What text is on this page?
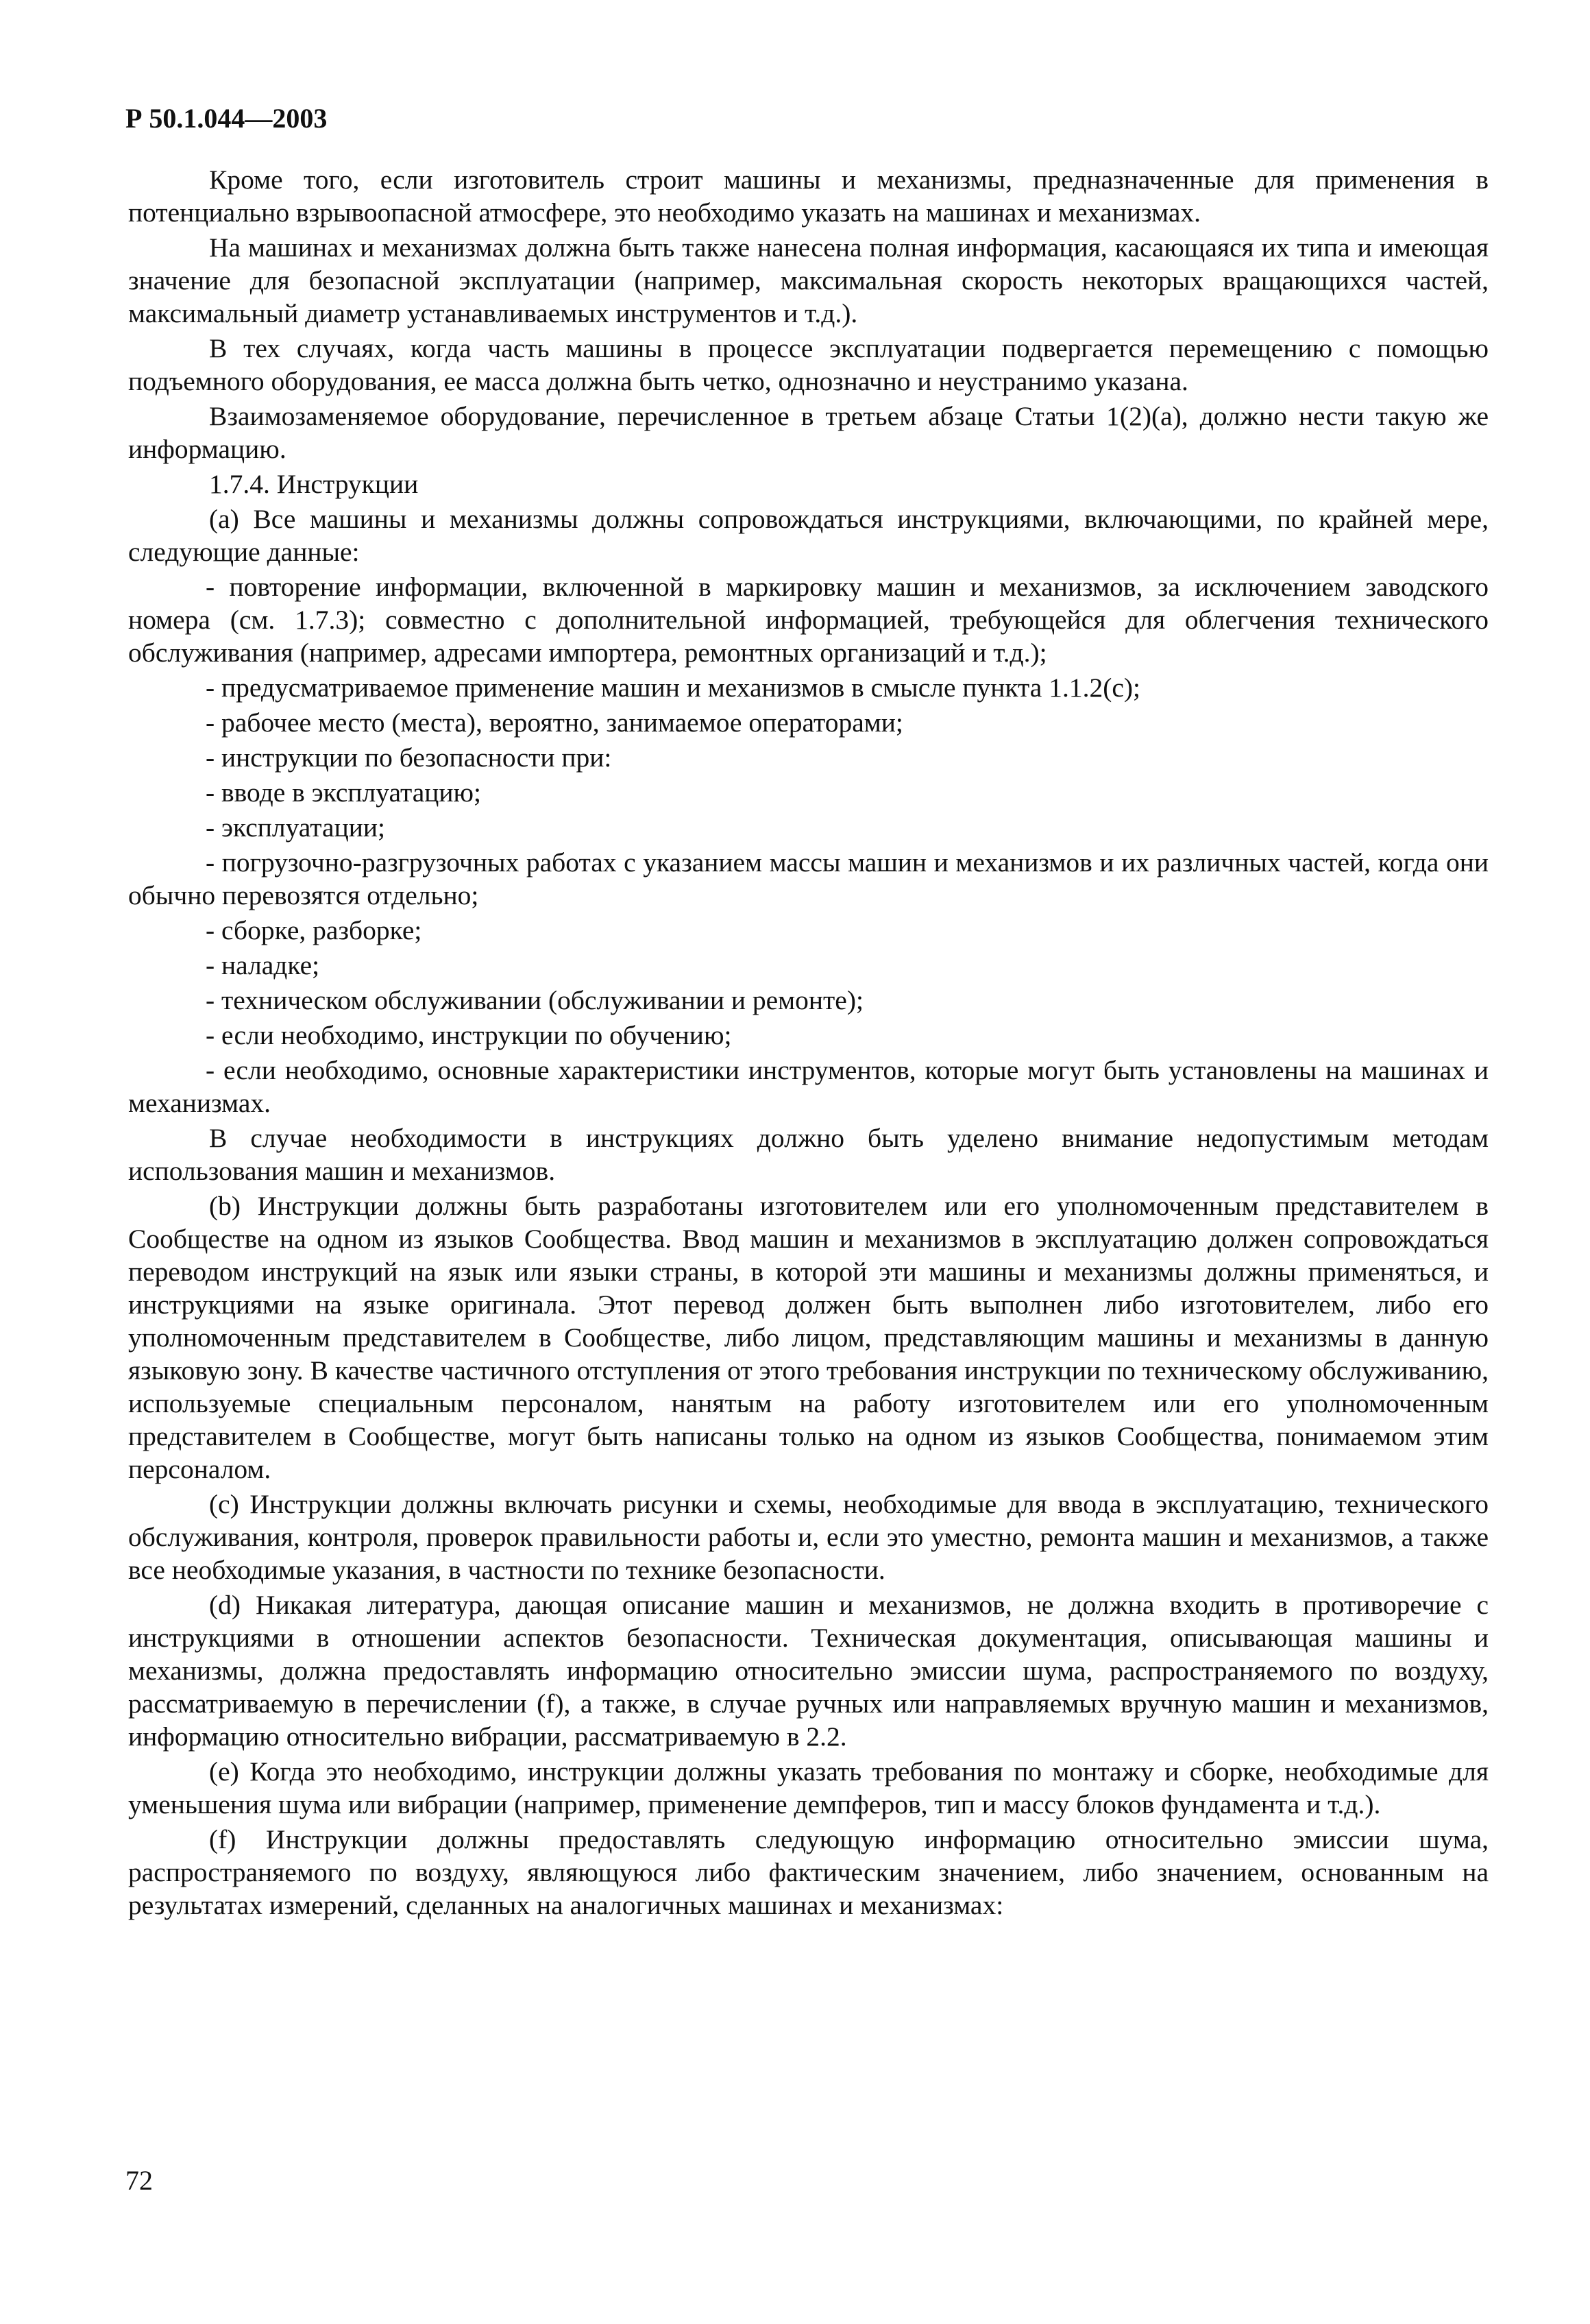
Р 50.1.044—2003

Кроме того, если изготовитель строит машины и механизмы, предназначенные для применения в потенциально взрывоопасной атмосфере, это необходимо указать на машинах и механизмах.

На машинах и механизмах должна быть также нанесена полная информация, касающаяся их типа и имеющая значение для безопасной эксплуатации (например, максимальная скорость некоторых вращающихся частей, максимальный диаметр устанавливаемых инструментов и т.д.).

В тех случаях, когда часть машины в процессе эксплуатации подвергается перемещению с помощью подъемного оборудования, ее масса должна быть четко, однозначно и неустранимо указана.

Взаимозаменяемое оборудование, перечисленное в третьем абзаце Статьи 1(2)(а), должно нести такую же информацию.

1.7.4. Инструкции

(а) Все машины и механизмы должны сопровождаться инструкциями, включающими, по крайней мере, следующие данные:

- повторение информации, включенной в маркировку машин и механизмов, за исключением заводского номера (см. 1.7.3); совместно с дополнительной информацией, требующейся для облегчения технического обслуживания (например, адресами импортера, ремонтных организаций и т.д.);

- предусматриваемое применение машин и механизмов в смысле пункта 1.1.2(c);

- рабочее место (места), вероятно, занимаемое операторами;

- инструкции по безопасности при:

- вводе в эксплуатацию;

- эксплуатации;

- погрузочно-разгрузочных работах с указанием массы машин и механизмов и их различных частей, когда они обычно перевозятся отдельно;

- сборке, разборке;

- наладке;

- техническом обслуживании (обслуживании и ремонте);

- если необходимо, инструкции по обучению;

- если необходимо, основные характеристики инструментов, которые могут быть установлены на машинах и механизмах.

В случае необходимости в инструкциях должно быть уделено внимание недопустимым методам использования машин и механизмов.

(b) Инструкции должны быть разработаны изготовителем или его уполномоченным представителем в Сообществе на одном из языков Сообщества. Ввод машин и механизмов в эксплуатацию должен сопровождаться переводом инструкций на язык или языки страны, в которой эти машины и механизмы должны применяться, и инструкциями на языке оригинала. Этот перевод должен быть выполнен либо изготовителем, либо его уполномоченным представителем в Сообществе, либо лицом, представляющим машины и механизмы в данную языковую зону. В качестве частичного отступления от этого требования инструкции по техническому обслуживанию, используемые специальным персоналом, нанятым на работу изготовителем или его уполномоченным представителем в Сообществе, могут быть написаны только на одном из языков Сообщества, понимаемом этим персоналом.

(c) Инструкции должны включать рисунки и схемы, необходимые для ввода в эксплуатацию, технического обслуживания, контроля, проверок правильности работы и, если это уместно, ремонта машин и механизмов, а также все необходимые указания, в частности по технике безопасности.

(d) Никакая литература, дающая описание машин и механизмов, не должна входить в противоречие с инструкциями в отношении аспектов безопасности. Техническая документация, описывающая машины и механизмы, должна предоставлять информацию относительно эмиссии шума, распространяемого по воздуху, рассматриваемую в перечислении (f), а также, в случае ручных или направляемых вручную машин и механизмов, информацию относительно вибрации, рассматриваемую в 2.2.

(e) Когда это необходимо, инструкции должны указать требования по монтажу и сборке, необходимые для уменьшения шума или вибрации (например, применение демпферов, тип и массу блоков фундамента и т.д.).

(f) Инструкции должны предоставлять следующую информацию относительно эмиссии шума, распространяемого по воздуху, являющуюся либо фактическим значением, либо значением, основанным на результатах измерений, сделанных на аналогичных машинах и механизмах:

72
